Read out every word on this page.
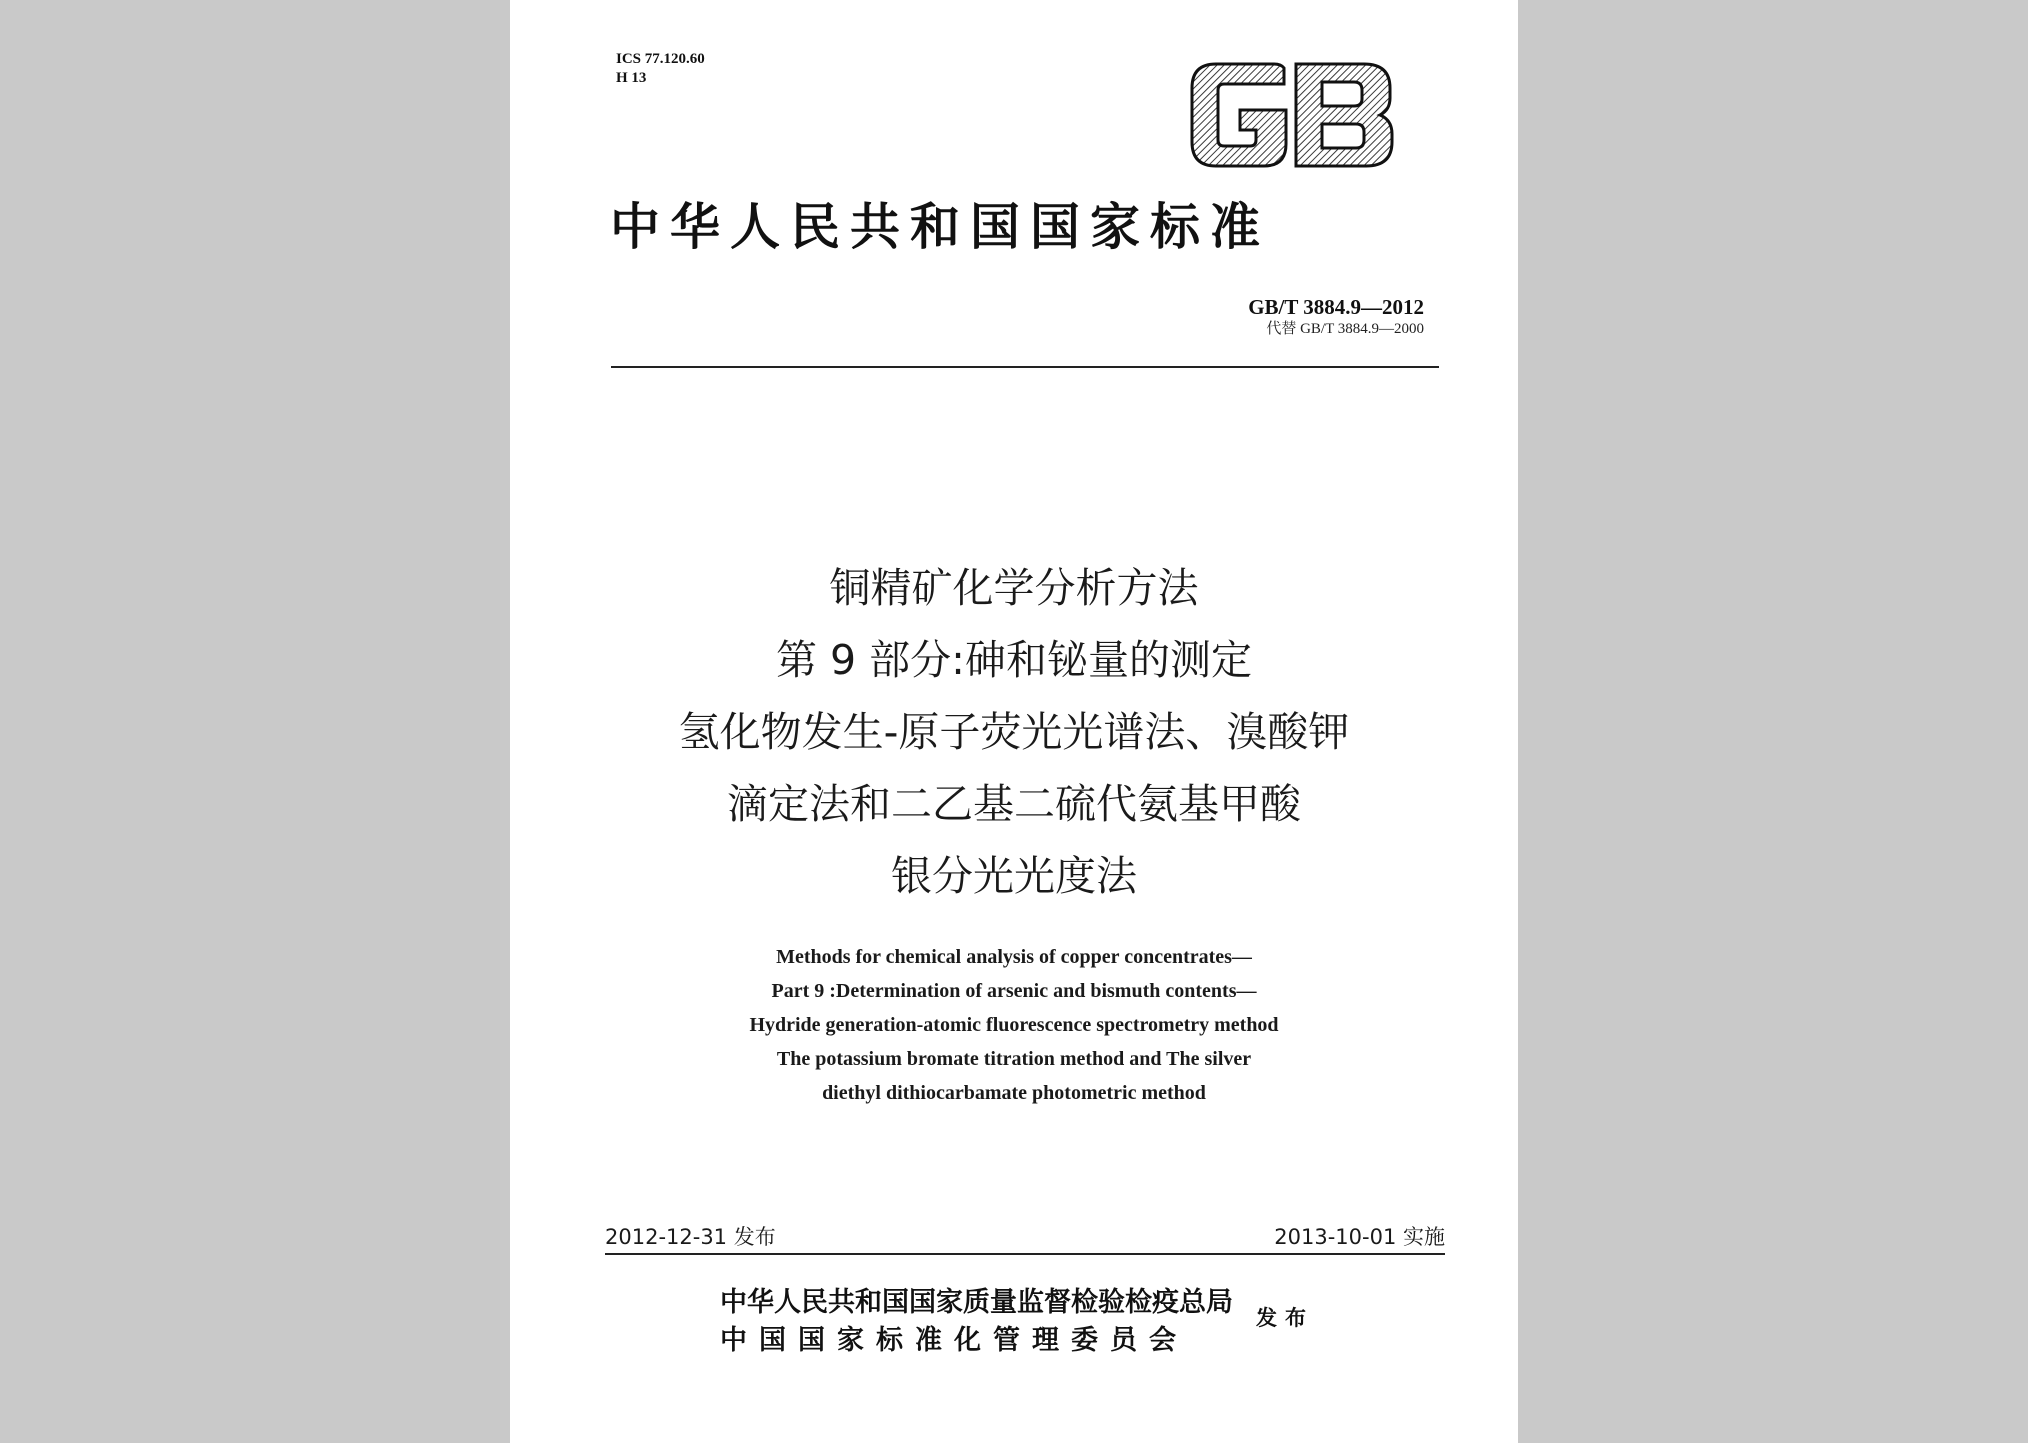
ICS 77.120.60
H 13
中华人民共和国国家标准
GB/T 3884.9—2012
代替 GB/T 3884.9—2000
铜精矿化学分析方法
第 9 部分:砷和铋量的测定
氢化物发生-原子荧光光谱法、溴酸钾
滴定法和二乙基二硫代氨基甲酸
银分光光度法
Methods for chemical analysis of copper concentrates—
Part 9 :Determination of arsenic and bismuth contents—
Hydride generation-atomic fluorescence spectrometry method
The potassium bromate titration method and The silver
diethyl dithiocarbamate photometric method
2012-12-31 发布	2013-10-01 实施
中华人民共和国国家质量监督检验检疫总局
中国国家标准化管理委员会
发布
